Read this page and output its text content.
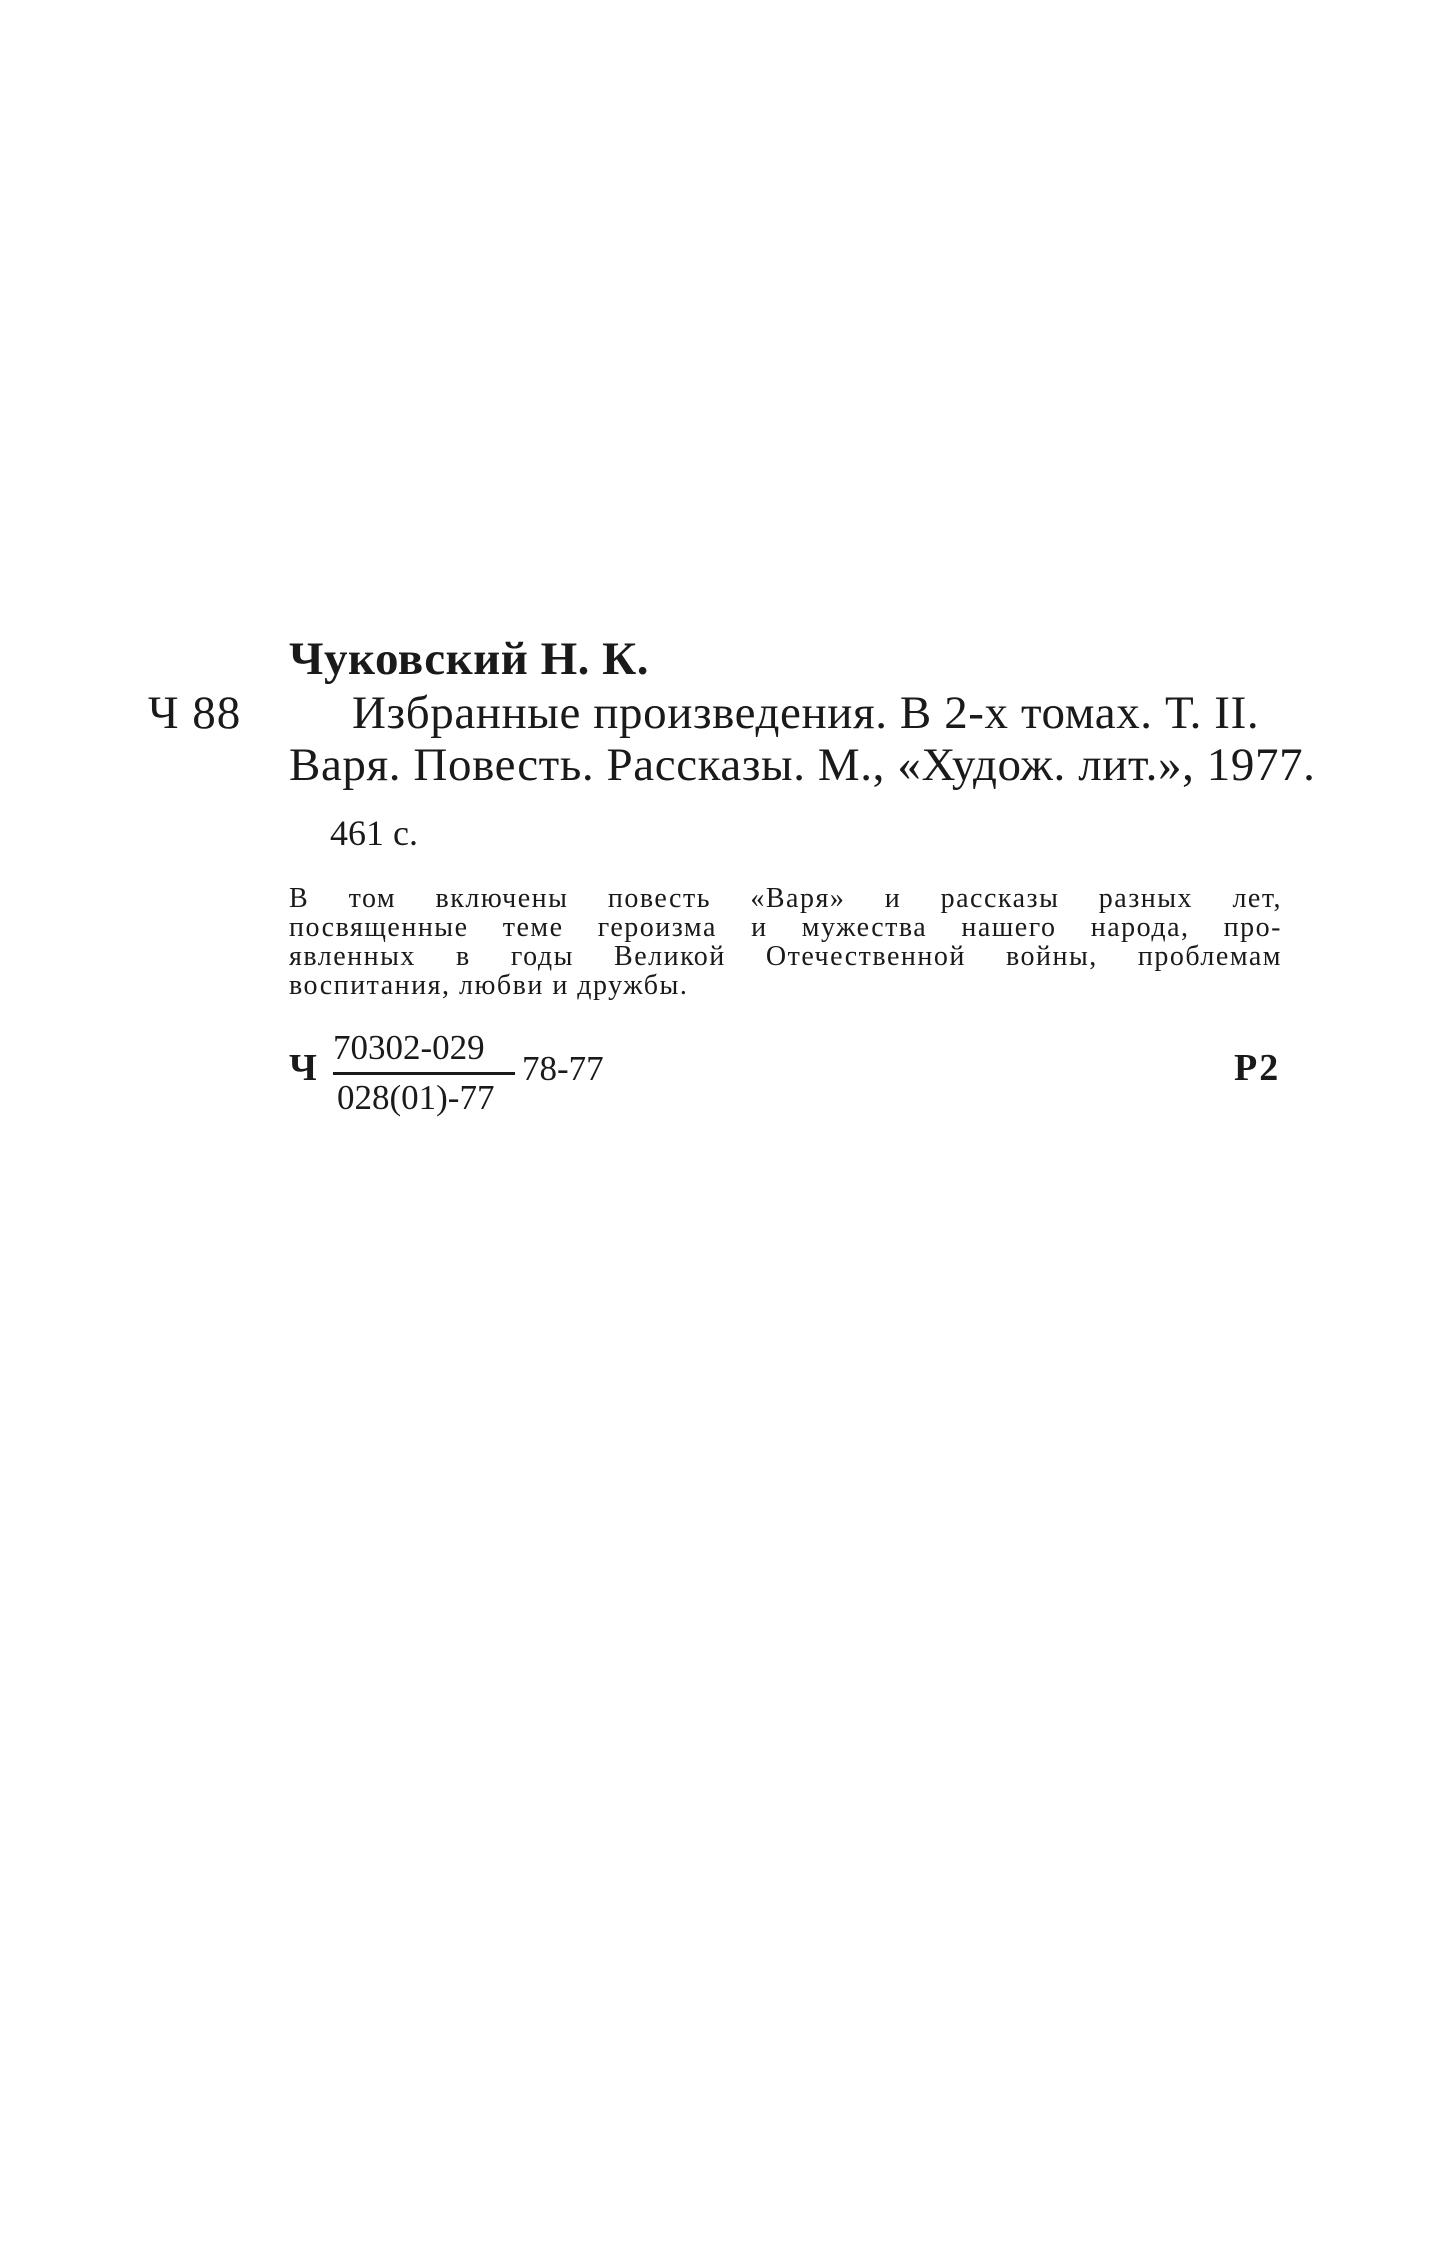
Чуковский Н. К.
Ч 88 Избранные произведения. В 2-х томах. Т. II.
Варя. Повесть. Рассказы. М., «Худож. лит.», 1977.
461 с.
В том включены повесть «Варя» и рассказы разных лет,
посвященные теме героизма и мужества нашего народа, про-
явленных в годы Великой Отечественной войны, проблемам
воспитания, любви и дружбы.
Ч 70302-029
028(01)-77
78-77	Р2
